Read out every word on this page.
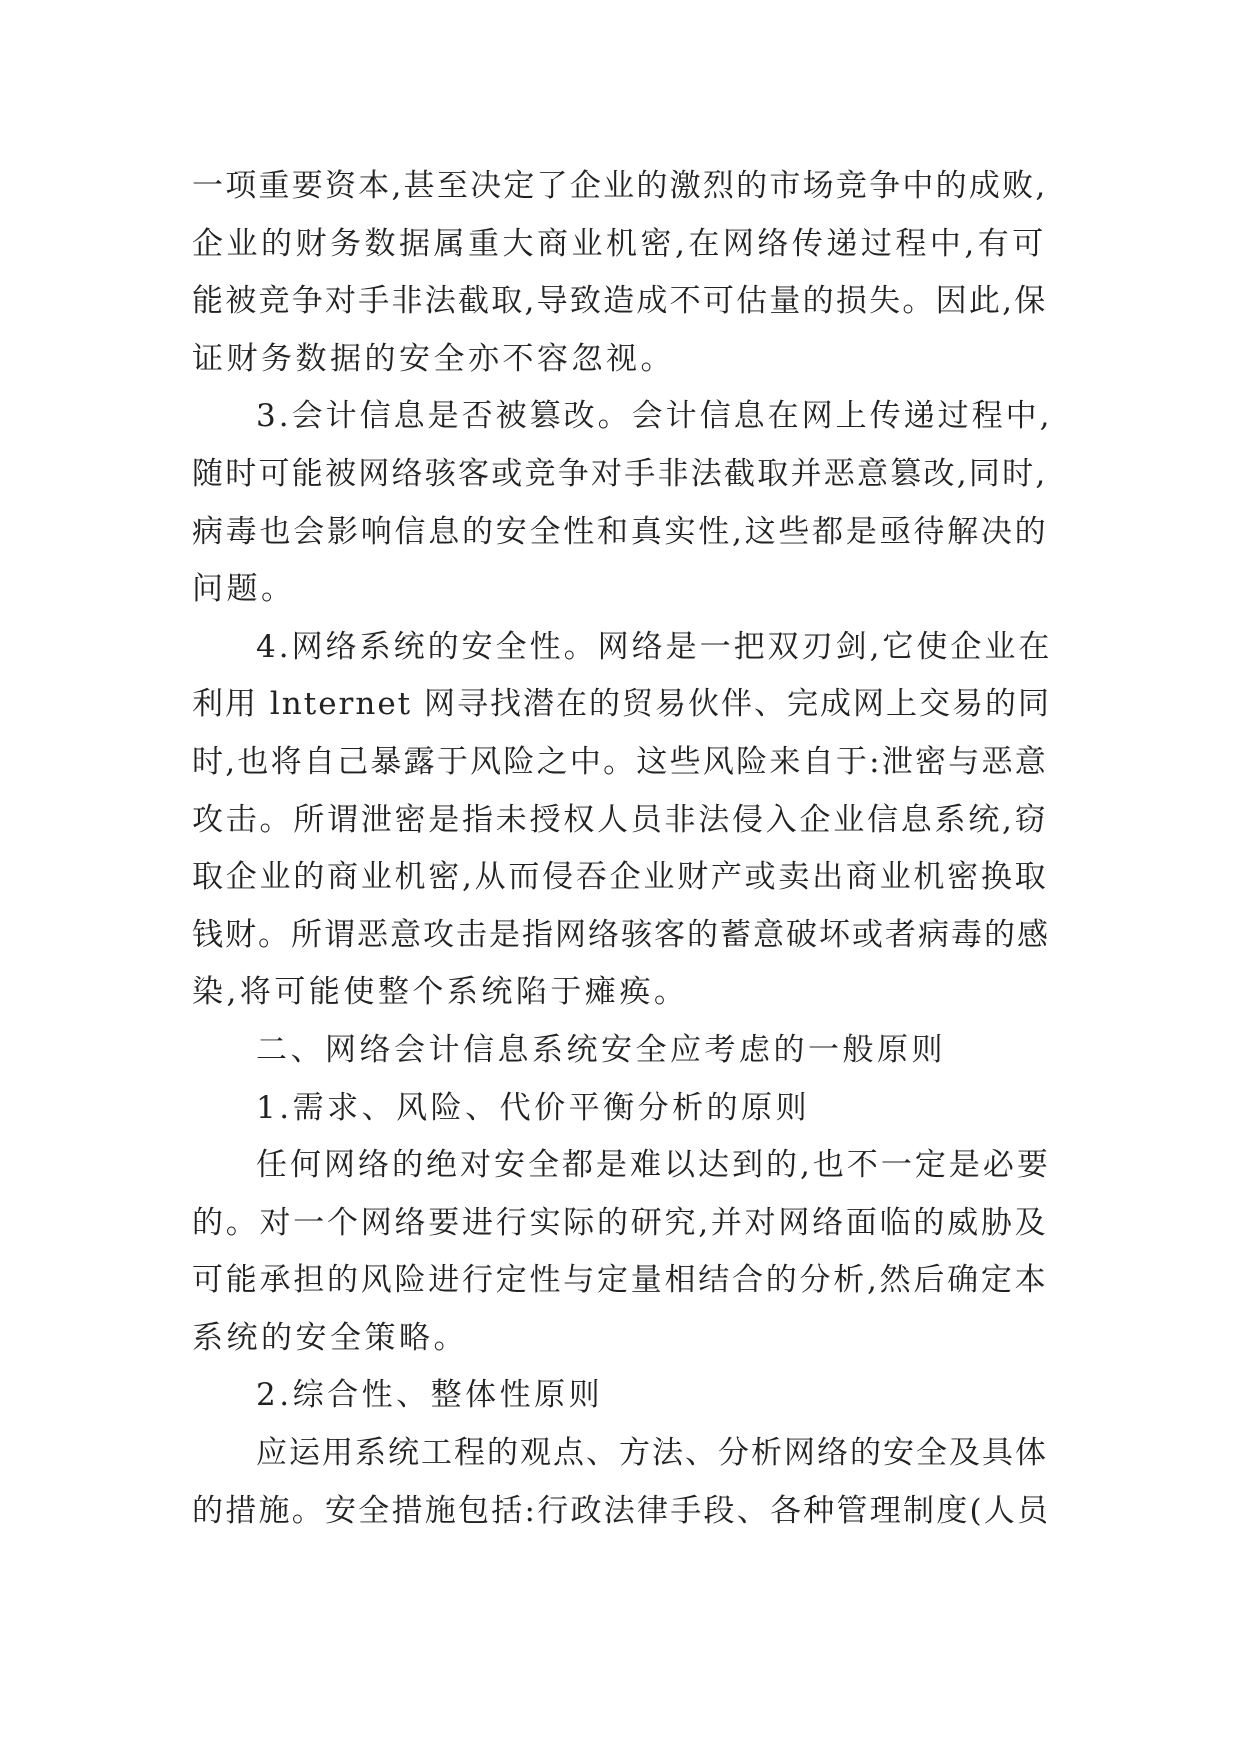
一项重要资本,甚至决定了企业的激烈的市场竞争中的成败,
企业的财务数据属重大商业机密,在网络传递过程中,有可
能被竞争对手非法截取,导致造成不可估量的损失。因此,保
证财务数据的安全亦不容忽视。
3.会计信息是否被篡改。会计信息在网上传递过程中,
随时可能被网络骇客或竞争对手非法截取并恶意篡改,同时,
病毒也会影响信息的安全性和真实性,这些都是亟待解决的
问题。
4.网络系统的安全性。网络是一把双刃剑,它使企业在
利用 lnternet 网寻找潜在的贸易伙伴、完成网上交易的同
时,也将自己暴露于风险之中。这些风险来自于:泄密与恶意
攻击。所谓泄密是指未授权人员非法侵入企业信息系统,窃
取企业的商业机密,从而侵吞企业财产或卖出商业机密换取
钱财。所谓恶意攻击是指网络骇客的蓄意破坏或者病毒的感
染,将可能使整个系统陷于瘫痪。
二、网络会计信息系统安全应考虑的一般原则
1.需求、风险、代价平衡分析的原则
任何网络的绝对安全都是难以达到的,也不一定是必要
的。对一个网络要进行实际的研究,并对网络面临的威胁及
可能承担的风险进行定性与定量相结合的分析,然后确定本
系统的安全策略。
2.综合性、整体性原则
应运用系统工程的观点、方法、分析网络的安全及具体
的措施。安全措施包括:行政法律手段、各种管理制度(人员
